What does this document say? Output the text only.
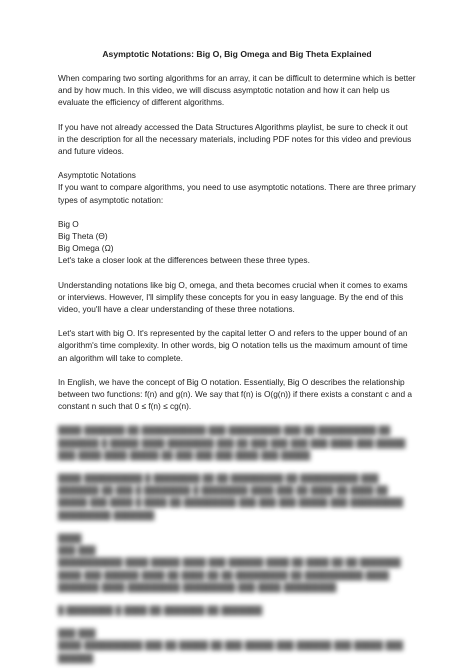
Asymptotic Notations: Big O, Big Omega and Big Theta Explained

When comparing two sorting algorithms for an array, it can be difficult to determine which is better and by how much. In this video, we will discuss asymptotic notation and how it can help us evaluate the efficiency of different algorithms.

If you have not already accessed the Data Structures Algorithms playlist, be sure to check it out in the description for all the necessary materials, including PDF notes for this video and previous and future videos.

Asymptotic Notations

If you want to compare algorithms, you need to use asymptotic notations. There are three primary types of asymptotic notation:

Big O
Big Theta (Θ)
Big Omega (Ω)

Let's take a closer look at the differences between these three types.

Understanding notations like big O, omega, and theta becomes crucial when it comes to exams or interviews. However, I'll simplify these concepts for you in easy language. By the end of this video, you'll have a clear understanding of these three notations.

Let's start with big O. It's represented by the capital letter O and refers to the upper bound of an algorithm's time complexity. In other words, big O notation tells us the maximum amount of time an algorithm will take to complete.

In English, we have the concept of Big O notation. Essentially, Big O describes the relationship between two functions: f(n) and g(n). We say that f(n) is O(g(n)) if there exists a constant c and a constant n such that 0 ≤ f(n) ≤ cg(n).

████ ███████ ██ ███████████ ███ █████████ ███ ██ ██████████ ██ ███████ █ █████ ████ ████████ ███ ██ ███ ███ ███ ███ ████ ███ █████ ███ ████ ████ █████ ██ ███ ███ ███ ████ ███ █████

████ ██████████ █ ████████ ██ ██ █████████ ██ ██████████ ███ ███████ ██ ███ █ ████████ █ ████████ ████ ███ ██ ████ ██ ████ ██ █████ ███ ████ █ ████ ██ █████████ ███ ███ ███ █████ ███ █████████ █████████ ███████

████
███ ███
███████████ ████ █████ ████ ███ ██████ ████ ██ ████ ██ ██ ███████ ████ ███ ██████ ████ ██ ████ ██ ██ █████████ ██ ██████████ ████ ███████ ████ █████████ █████████ ███ ████ █████████

█ ████████ █ ████ ██ ███████ ██ ███████

███ ███
████ ██████████ ███ ██ █████ ██ ███ █████ ███ ██████ ███ █████ ███ ██████
